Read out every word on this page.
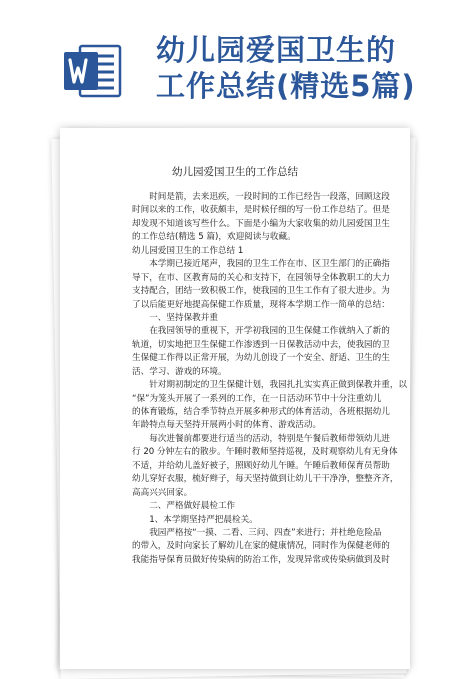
幼儿园爱国卫生的
工作总结(精选5篇)
幼儿园爱国卫生的工作总结
　　时间是箭，去来迅疾，一段时间的工作已经告一段落，回顾这段
时间以来的工作，收获颇丰，是时候仔细的写一份工作总结了。但是
却发现不知道该写些什么。下面是小编为大家收集的幼儿园爱国卫生
的工作总结(精选 5 篇)，欢迎阅读与收藏。
幼儿园爱国卫生的工作总结 1
　　本学期已接近尾声，我园的卫生工作在市、区卫生部门的正确指
导下，在市、区教育局的关心和支持下，在园领导全体教职工的大力
支持配合，团结一致积极工作，使我园的卫生工作有了很大进步。为
了以后能更好地提高保健工作质量，现将本学期工作一简单的总结：
　　一、坚持保教并重
　　在我园领导的重视下，开学初我园的卫生保健工作就纳入了新的
轨道，切实地把卫生保健工作渗透到一日保教活动中去，使我园的卫
生保健工作得以正常开展，为幼儿创设了一个安全、舒适、卫生的生
活、学习、游戏的环境。
　　针对期初制定的卫生保健计划，我园扎扎实实真正做到保教并重，以
“保”为笼头开展了一系列的工作，在一日活动环节中十分注重幼儿
的体育锻炼，结合季节特点开展多种形式的体育活动，各班根据幼儿
年龄特点每天坚持开展两小时的体育、游戏活动。
　　每次进餐前都要进行适当的活动，特别是午餐后教师带领幼儿进
行 20 分钟左右的散步。午睡时教师坚持巡视，及时观察幼儿有无身体
不适，并给幼儿盖好被子，照顾好幼儿午睡。午睡后教师保育员帮助
幼儿穿好衣服，梳好辫子，每天坚持做到让幼儿干干净净，整整齐齐，
高高兴兴回家。
　　二、严格做好晨检工作
　　1、本学期坚持严把晨检关。
　　我园严格按“一摸、二看、三问、四查”来进行；并杜绝危险品
的带入，及时向家长了解幼儿在家的健康情况，同时作为保健老师的
我能指导保育员做好传染病的防治工作，发现异常或传染病做到及时
